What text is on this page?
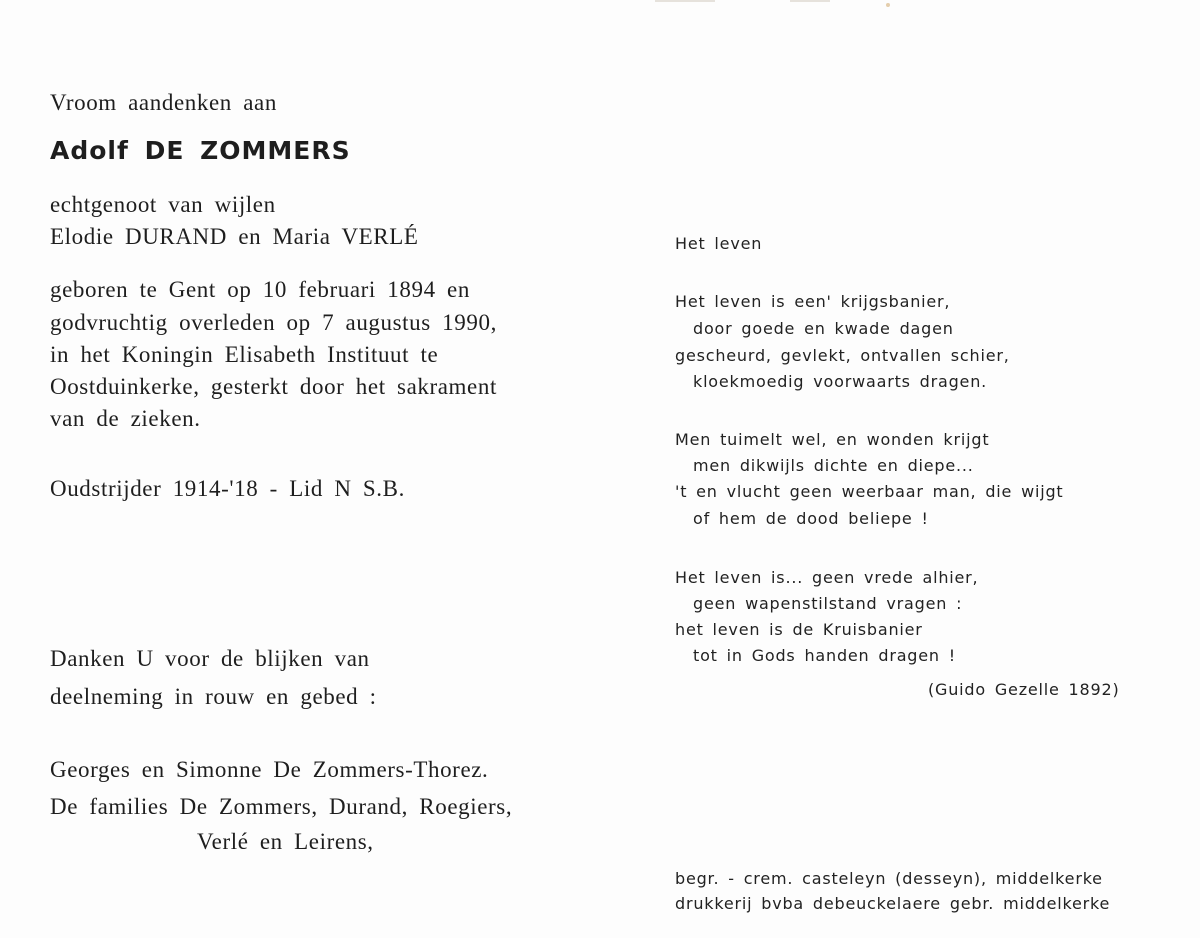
Vroom aandenken aan
Adolf DE ZOMMERS
echtgenoot van wijlen
Elodie DURAND en Maria VERLÉ
geboren te Gent op 10 februari 1894 en
godvruchtig overleden op 7 augustus 1990,
in het Koningin Elisabeth Instituut te
Oostduinkerke, gesterkt door het sakrament
van de zieken.
Oudstrijder 1914-'18 - Lid N S.B.
Danken U voor de blijken van
deelneming in rouw en gebed :
Georges en Simonne De Zommers-Thorez.
De families De Zommers, Durand, Roegiers,
Verlé en Leirens,
Het leven
Het leven is een' krijgsbanier,
door goede en kwade dagen
gescheurd, gevlekt, ontvallen schier,
kloekmoedig voorwaarts dragen.
Men tuimelt wel, en wonden krijgt
men dikwijls dichte en diepe...
't en vlucht geen weerbaar man, die wijgt
of hem de dood beliepe !
Het leven is... geen vrede alhier,
geen wapenstilstand vragen :
het leven is de Kruisbanier
tot in Gods handen dragen !
(Guido Gezelle 1892)
begr. - crem. casteleyn (desseyn), middelkerke
drukkerij bvba debeuckelaere gebr. middelkerke
